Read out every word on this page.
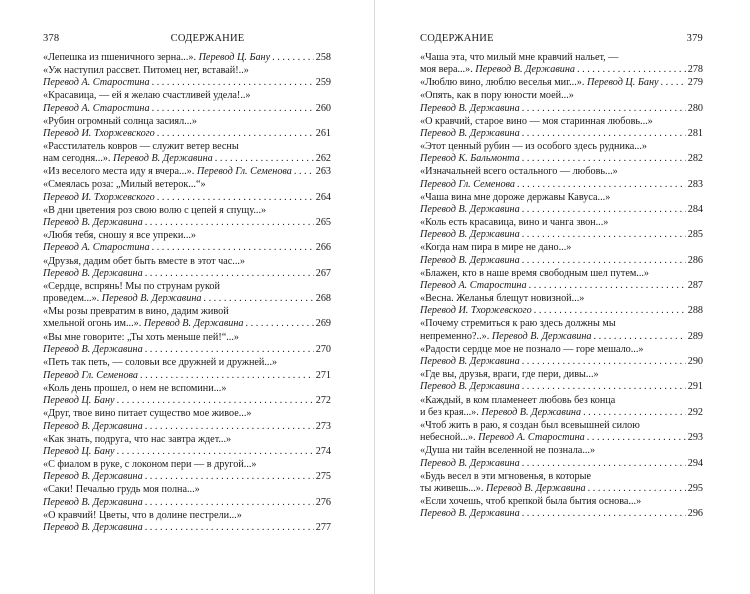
378	СОДЕРЖАНИЕ
«Лепешка из пшеничного зерна...». Перевод Ц. Бану . . .	258
«Уж наступил рассвет. Питомец нег, вставай!..»
Перевод А. Старостина . . .	259
«Красавица, — ей я желаю счастливей удела!..»
Перевод А. Старостина . . .	260
«Рубин огромный солнца засиял...»
Перевод И. Тхоржевского . . .	261
«Расстилатель ковров — служит ветер весны
нам сегодня...». Перевод В. Державина . . .	262
«Из веселого места иду я вчера...». Перевод Гл. Семенова . . . 263
«Смеялась роза: „Милый ветерок...“»
Перевод И. Тхоржевского . . .	264
«В дни цветения роз свою волю с цепей я спущу...»
Перевод В. Державина . . .	265
«Любя тебя, сношу я все упреки...»
Перевод А. Старостина . . .	266
«Друзья, дадим обет быть вместе в этот час...»
Перевод В. Державина . . .	267
«Сердце, вспрянь! Мы по струнам рукой
проведем...». Перевод В. Державина . . .	268
«Мы розы превратим в вино, дадим живой
хмельной огонь им...». Перевод В. Державина . . .	269
«Вы мне говорите: „Ты хоть меньше пей!“...»
Перевод В. Державина . . .	270
«Петь так петь, — соловьи все дружней и дружней...»
Перевод Гл. Семенова . . .	271
«Коль день прошел, о нем не вспомини...»
Перевод Ц. Бану . . .	272
«Друг, твое вино питает существо мое живое...»
Перевод В. Державина . . .	273
«Как знать, подруга, что нас завтра ждет...»
Перевод Ц. Бану . . .	274
«С фиалом в руке, с локоном пери — в другой...»
Перевод В. Державина . . .	275
«Саки! Печалью грудь моя полна...»
Перевод В. Державина . . .	276
«О кравчий! Цветы, что в долине пестрели...»
Перевод В. Державина . . .	277
СОДЕРЖАНИЕ	379
«Чаша эта, что милый мне кравчий нальет, —
моя вера...». Перевод В. Державина . . .	278
«Люблю вино, люблю веселья миг...». Перевод Ц. Бану . . .	279
«Опять, как в пору юности моей...»
Перевод В. Державина . . .	280
«О кравчий, старое вино — моя старинная любовь...»
Перевод В. Державина . . .	281
«Этот ценный рубин — из особого здесь рудника...»
Перевод К. Бальмонта . . .	282
«Изначальней всего остального — любовь...»
Перевод Гл. Семенова . . .	283
«Чаша вина мне дороже державы Кавуса...»
Перевод В. Державина . . .	284
«Коль есть красавица, вино и чанга звон...»
Перевод В. Державина . . .	285
«Когда нам пира в мире не дано...»
Перевод В. Державина . . .	286
«Блажен, кто в наше время свободным шел путем...»
Перевод А. Старостина . . .	287
«Весна. Желанья блещут новизной...»
Перевод И. Тхоржевского . . .	288
«Почему стремиться к раю здесь должны мы
непременно?..». Перевод В. Державина . . .	289
«Радости сердце мое не познало — горе мешало...»
Перевод В. Державина . . .	290
«Где вы, друзья, враги, где пери, дивы...»
Перевод В. Державина . . .	291
«Каждый, в ком пламенеет любовь без конца
и без края...». Перевод В. Державина . . .	292
«Чтоб жить в раю, я создан был всевышней силою
небесной...». Перевод А. Старостина . . .	293
«Душа ни тайн вселенной не познала...»
Перевод В. Державина . . .	294
«Будь весел в эти мгновенья, в которые
ты живешь...». Перевод В. Державина . . .	295
«Если хочешь, чтоб крепкой была бытия основа...»
Перевод В. Державина . . .	296
